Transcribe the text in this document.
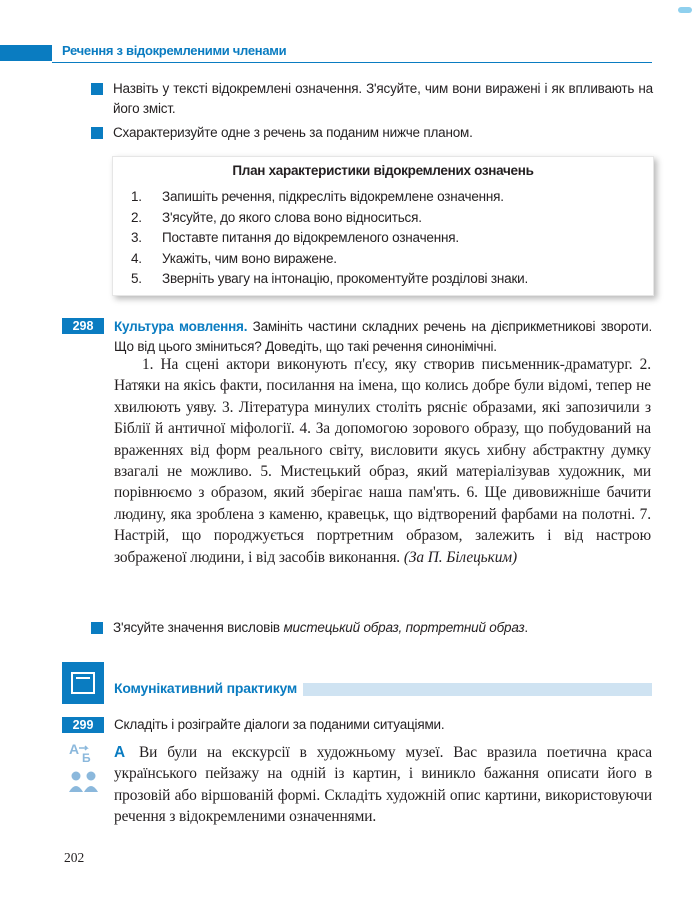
Речення з відокремленими членами
Назвіть у тексті відокремлені означення. З'ясуйте, чим вони виражені і як впливають на його зміст.
Схарактеризуйте одне з речень за поданим нижче планом.
План характеристики відокремлених означень
1.	Запишіть речення, підкресліть відокремлене означення.
2.	З'ясуйте, до якого слова воно відноситься.
3.	Поставте питання до відокремленого означення.
4.	Укажіть, чим воно виражене.
5.	Зверніть увагу на інтонацію, прокоментуйте розділові знаки.
298	Культура мовлення. Замініть частини складних речень на дієприкметникові звороти. Що від цього зміниться? Доведіть, що такі речення синонімічні.

1. На сцені актори виконують п'єсу, яку створив письменник-драматург. 2. Натяки на якісь факти, посилання на імена, що колись добре були відомі, тепер не хвилюють уяву. 3. Література минулих століть рясніє образами, які запозичили з Біблії й античної міфології. 4. За допомогою зорового образу, що побудований на враженнях від форм реального світу, висловити якусь хибну абстрактну думку взагалі не можливо. 5. Мистецький образ, який матеріалізував художник, ми порівнюємо з образом, який зберігає наша пам'ять. 6. Ще дивовижніше бачити людину, яка зроблена з каменю, кравецьк, що відтворений фарбами на полотні. 7. Настрій, що породжується портретним образом, залежить і від настрою зображеної людини, і від засобів виконання. (За П. Білецьким)

З'ясуйте значення висловів мистецький образ, портретний образ.
Комунікативний практикум
299	Складіть і розіграйте діалоги за поданими ситуаціями.
A
Б А Ви були на екскурсії в художньому музеї. Вас вразила поетична краса українського пейзажу на одній із картин, і виникло бажання описати його в прозовій або віршованій формі. Складіть художній опис картини, використовуючи речення з відокремленими означеннями.

202
